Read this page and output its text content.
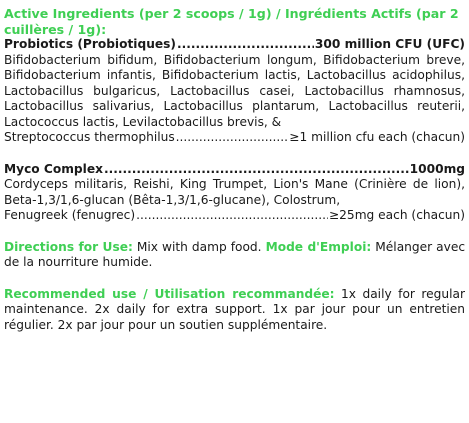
Active Ingredients (per 2 scoops / 1g) / Ingrédients Actifs (par 2 cuillères / 1g):

Probiotics (Probiotiques) .....	300 million CFU (UFC)

Bifidobacterium bifidum, Bifidobacterium longum, Bifidobacterium breve, Bifidobacterium infantis, Bifidobacterium lactis, Lactobacillus acidophilus, Lactobacillus bulgaricus, Lactobacillus casei, Lactobacillus rhamnosus, Lactobacillus salivarius, Lactobacillus plantarum, Lactobacillus reuterii, Lactococcus lactis, Levilactobacillus brevis, &

Streptococcus thermophilus .....	≥1 million cfu each (chacun)
Myco Complex .....	1000mg

Cordyceps militaris, Reishi, King Trumpet, Lion's Mane (Crinière de lion), Beta-1,3/1,6-glucan (Bêta-1,3/1,6-glucane), Colostrum,

Fenugreek (fenugrec) .....	≥25mg each (chacun)

Directions for Use: Mix with damp food. Mode d'Emploi: Mélanger avec de la nourriture humide.

Recommended use / Utilisation recommandée: 1x daily for regular maintenance. 2x daily for extra support. 1x par jour pour un entretien régulier. 2x par jour pour un soutien supplémentaire.
